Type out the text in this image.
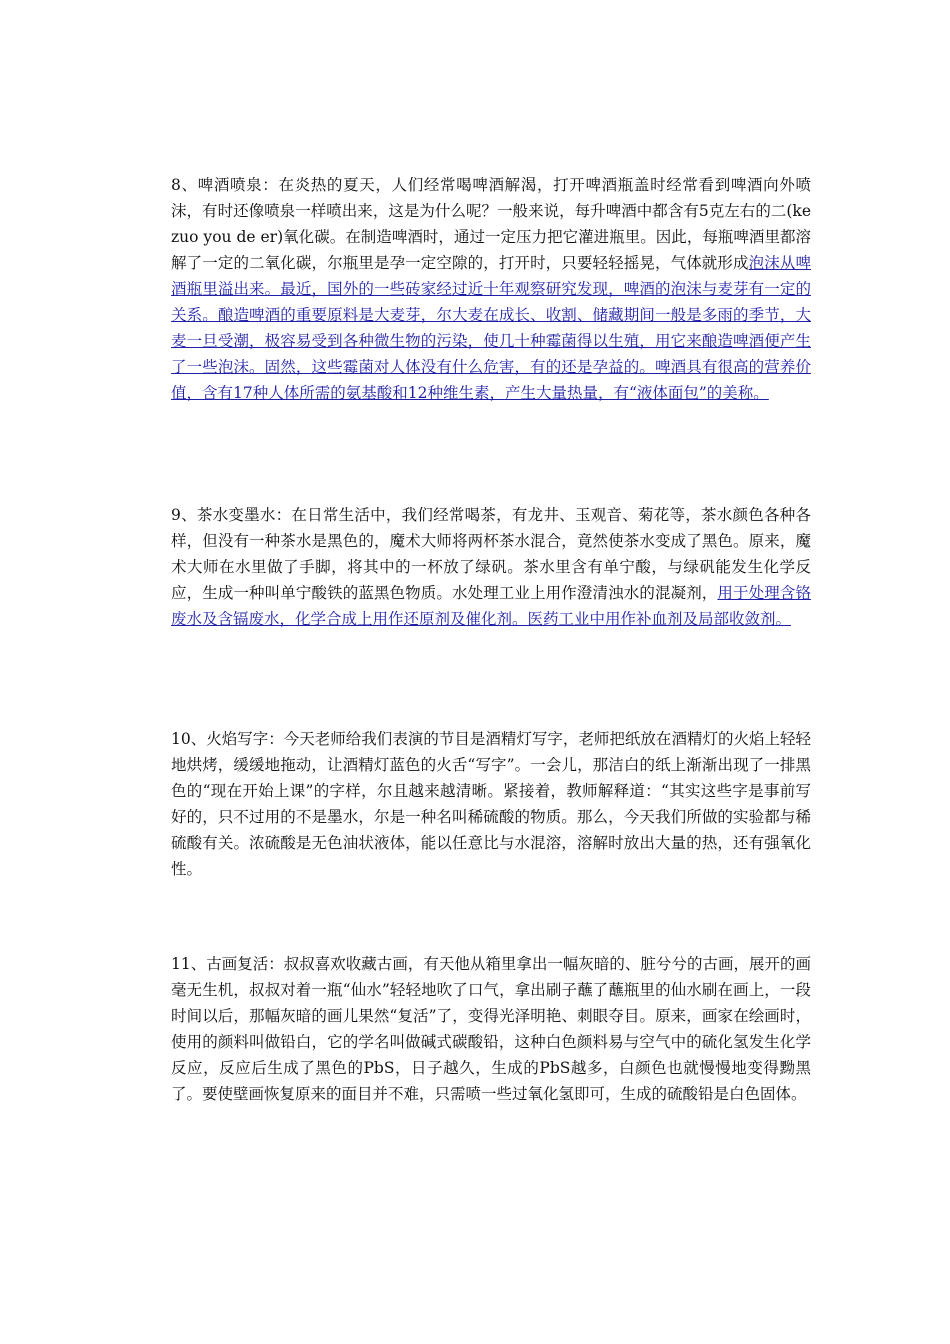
8、啤酒喷泉：在炎热的夏天，人们经常喝啤酒解渴，打开啤酒瓶盖时经常看到啤酒向外喷沫，有时还像喷泉一样喷出来，这是为什么呢？一般来说，每升啤酒中都含有5克左右的二(ke zuo you de er)氧化碳。在制造啤酒时，通过一定压力把它灌进瓶里。因此，每瓶啤酒里都溶解了一定的二氧化碳，尔瓶里是孕一定空隙的，打开时，只要轻轻摇晃，气体就形成泡沫从啤酒瓶里溢出来。最近，国外的一些砖家经过近十年观察研究发现，啤酒的泡沫与麦芽有一定的关系。酿造啤酒的重要原料是大麦芽，尔大麦在成长、收割、储藏期间一般是多雨的季节，大麦一旦受潮，极容易受到各种微生物的污染，使几十种霉菌得以生殖，用它来酿造啤酒便产生了一些泡沫。固然，这些霉菌对人体没有什么危害，有的还是孕益的。啤酒具有很高的营养价值，含有17种人体所需的氨基酸和12种维生素，产生大量热量，有“液体面包”的美称。

9、茶水变墨水：在日常生活中，我们经常喝茶，有龙井、玉观音、菊花等，茶水颜色各种各样，但没有一种茶水是黑色的，魔术大师将两杯茶水混合，竟然使茶水变成了黑色。原来，魔术大师在水里做了手脚，将其中的一杯放了绿矾。茶水里含有单宁酸，与绿矾能发生化学反应，生成一种叫单宁酸铁的蓝黑色物质。水处理工业上用作澄清浊水的混凝剂，用于处理含铬废水及含镉废水，化学合成上用作还原剂及催化剂。医药工业中用作补血剂及局部收敛剂。

10、火焰写字：今天老师给我们表演的节目是酒精灯写字，老师把纸放在酒精灯的火焰上轻轻地烘烤，缓缓地拖动，让酒精灯蓝色的火舌“写字”。一会儿，那洁白的纸上渐渐出现了一排黑色的“现在开始上课”的字样，尔且越来越清晰。紧接着，教师解释道：“其实这些字是事前写好的，只不过用的不是墨水，尔是一种名叫稀硫酸的物质。那么，今天我们所做的实验都与稀硫酸有关。浓硫酸是无色油状液体，能以任意比与水混溶，溶解时放出大量的热，还有强氧化性。

11、古画复活：叔叔喜欢收藏古画，有天他从箱里拿出一幅灰暗的、脏兮兮的古画，展开的画毫无生机，叔叔对着一瓶“仙水”轻轻地吹了口气，拿出刷子蘸了蘸瓶里的仙水刷在画上，一段时间以后，那幅灰暗的画儿果然“复活”了，变得光泽明艳、刺眼夺目。原来，画家在绘画时，使用的颜料叫做铅白，它的学名叫做碱式碳酸铅，这种白色颜料易与空气中的硫化氢发生化学反应，反应后生成了黑色的PbS，日子越久，生成的PbS越多，白颜色也就慢慢地变得黝黑了。要使壁画恢复原来的面目并不难，只需喷一些过氧化氢即可，生成的硫酸铅是白色固体。
